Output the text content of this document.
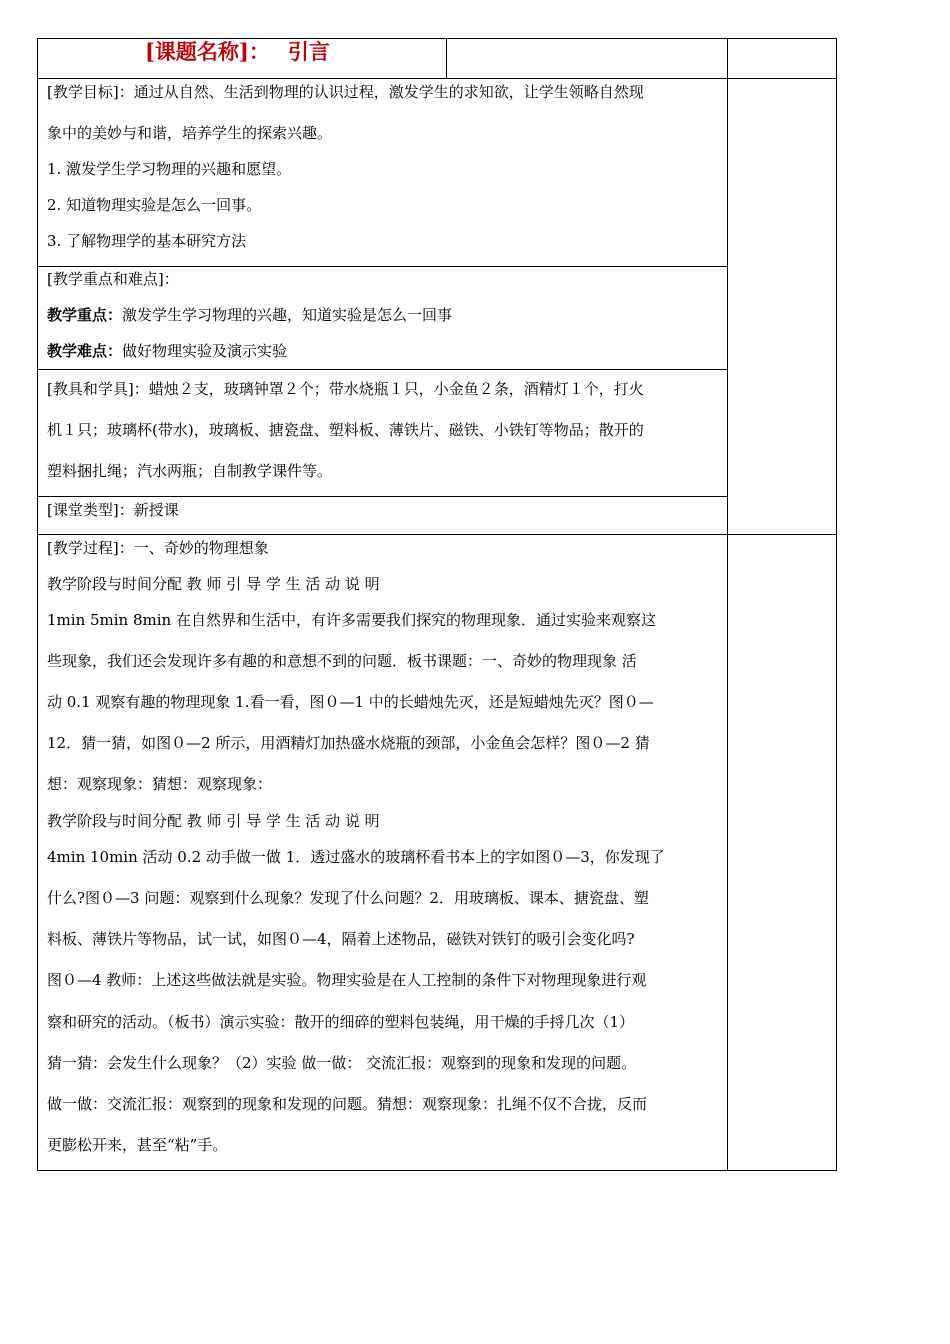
[课题名称]： 引言
[教学目标]：通过从自然、生活到物理的认识过程，激发学生的求知欲，让学生领略自然现
象中的美妙与和谐，培养学生的探索兴趣。
1. 激发学生学习物理的兴趣和愿望。
2. 知道物理实验是怎么一回事。
3. 了解物理学的基本研究方法
[教学重点和难点]：
教学重点：激发学生学习物理的兴趣，知道实验是怎么一回事
教学难点：做好物理实验及演示实验
[教具和学具]：蜡烛２支，玻璃钟罩２个；带水烧瓶１只，小金鱼２条，酒精灯１个，打火
机１只；玻璃杯(带水)，玻璃板、搪瓷盘、塑料板、薄铁片、磁铁、小铁钉等物品；散开的
塑料捆扎绳；汽水两瓶；自制教学课件等。
[课堂类型]：新授课
[教学过程]：一、奇妙的物理想象
教学阶段与时间分配 教 师 引 导 学 生 活 动 说 明
1min 5min 8min 在自然界和生活中，有许多需要我们探究的物理现象．通过实验来观察这
些现象，我们还会发现许多有趣的和意想不到的问题．板书课题：一、奇妙的物理现象 活
动 0.1 观察有趣的物理现象 1.看一看，图０—1 中的长蜡烛先灭，还是短蜡烛先灭？图０—
12．猜一猜，如图０—2 所示，用酒精灯加热盛水烧瓶的颈部，小金鱼会怎样？图０—2 猜
想：观察现象：猜想：观察现象：
教学阶段与时间分配 教 师 引 导 学 生 活 动 说 明
4min 10min 活动 0.2 动手做一做 1．透过盛水的玻璃杯看书本上的字如图０—3，你发现了
什么?图０—3 问题：观察到什么现象？发现了什么问题？2．用玻璃板、课本、搪瓷盘、塑
料板、薄铁片等物品，试一试，如图０—4，隔着上述物品，磁铁对铁钉的吸引会变化吗?
图０—4 教师：上述这些做法就是实验。物理实验是在人工控制的条件下对物理现象进行观
察和研究的活动。（板书）演示实验：散开的细碎的塑料包装绳，用干燥的手捋几次（1）
猜一猜：会发生什么现象？（2）实验 做一做： 交流汇报：观察到的现象和发现的问题。
做一做：交流汇报：观察到的现象和发现的问题。猜想：观察现象：扎绳不仅不合拢，反而
更膨松开来，甚至“粘”手。
